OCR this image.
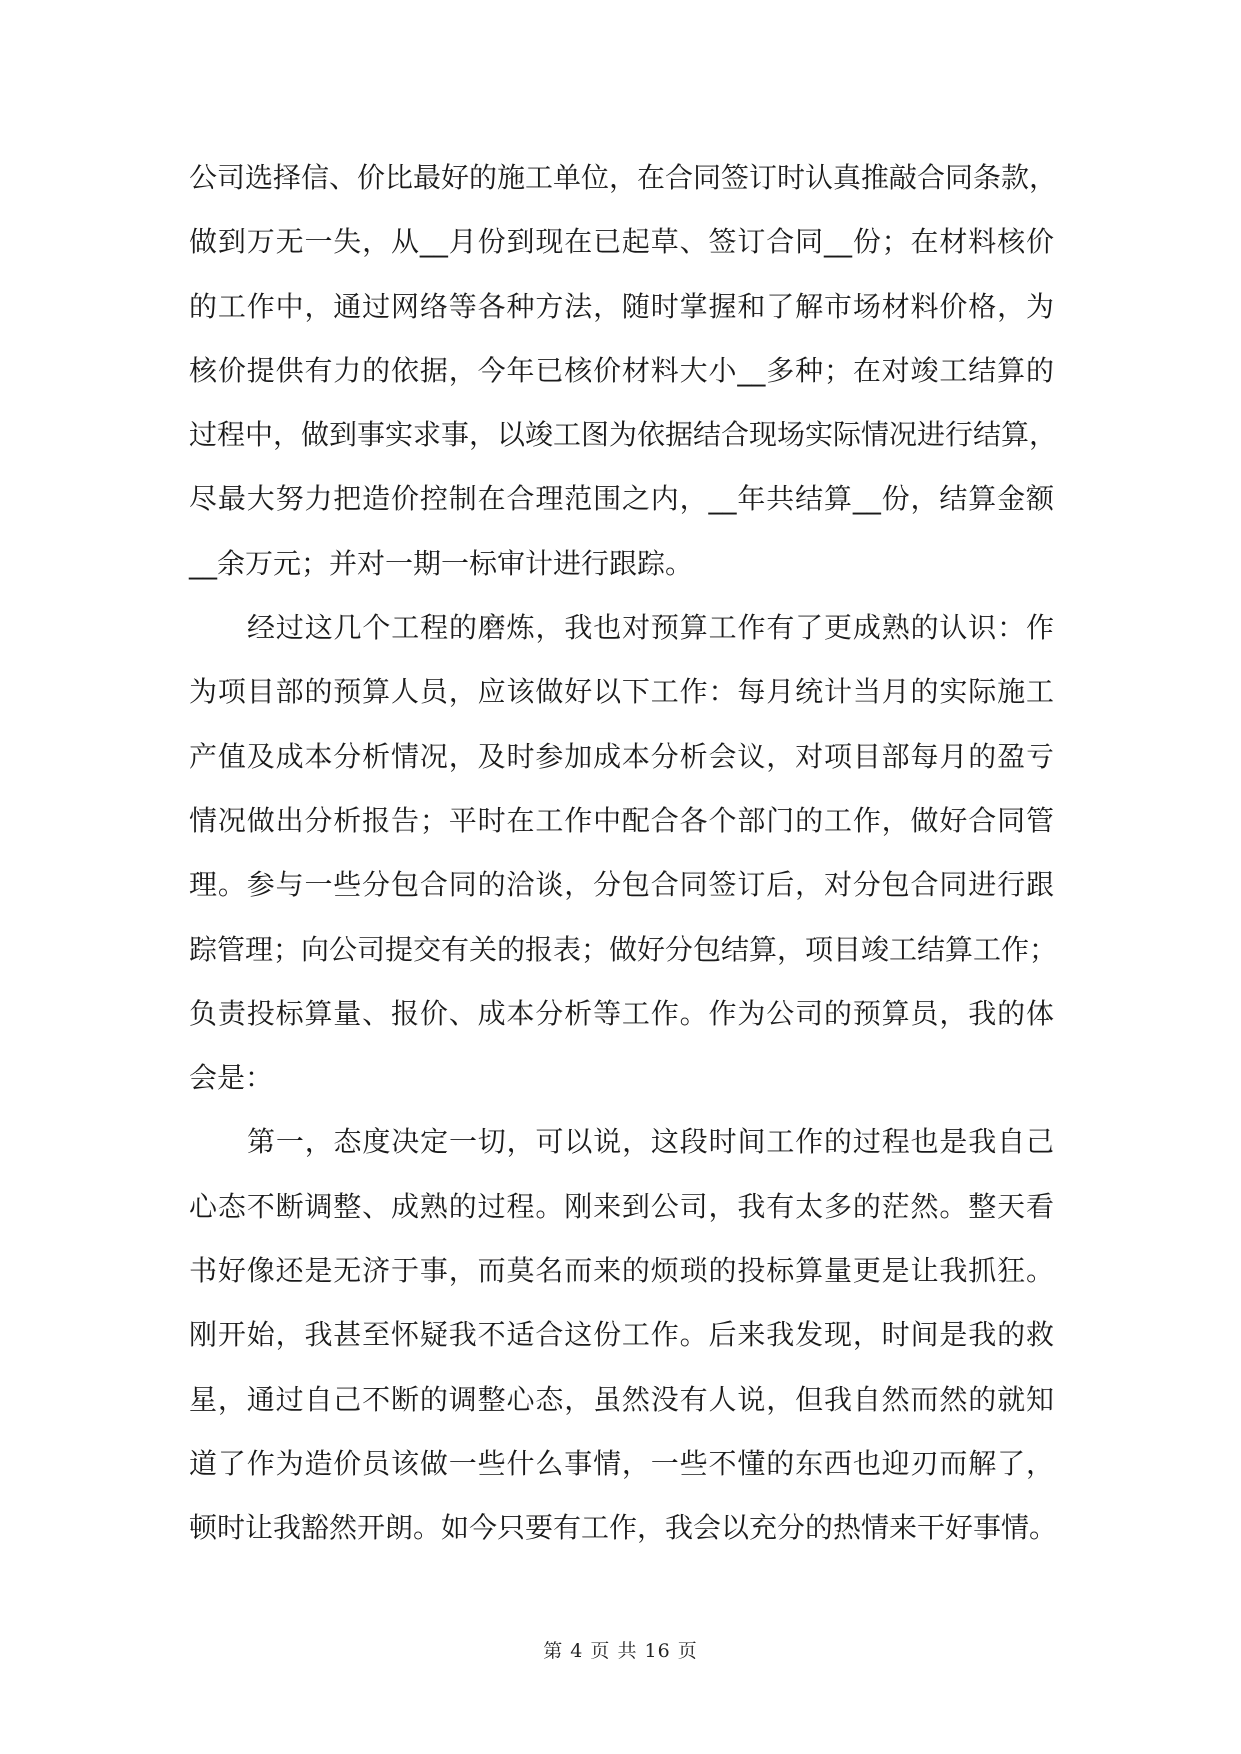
公司选择信、价比最好的施工单位，在合同签订时认真推敲合同条款，
做到万无一失，从__月份到现在已起草、签订合同__份；在材料核价
的工作中，通过网络等各种方法，随时掌握和了解市场材料价格，为
核价提供有力的依据，今年已核价材料大小__多种；在对竣工结算的
过程中，做到事实求事，以竣工图为依据结合现场实际情况进行结算，
尽最大努力把造价控制在合理范围之内，__年共结算__份，结算金额
__余万元；并对一期一标审计进行跟踪。
经过这几个工程的磨炼，我也对预算工作有了更成熟的认识：作
为项目部的预算人员，应该做好以下工作：每月统计当月的实际施工
产值及成本分析情况，及时参加成本分析会议，对项目部每月的盈亏
情况做出分析报告；平时在工作中配合各个部门的工作，做好合同管
理。参与一些分包合同的洽谈，分包合同签订后，对分包合同进行跟
踪管理；向公司提交有关的报表；做好分包结算，项目竣工结算工作；
负责投标算量、报价、成本分析等工作。作为公司的预算员，我的体
会是：
第一，态度决定一切，可以说，这段时间工作的过程也是我自己
心态不断调整、成熟的过程。刚来到公司，我有太多的茫然。整天看
书好像还是无济于事，而莫名而来的烦琐的投标算量更是让我抓狂。
刚开始，我甚至怀疑我不适合这份工作。后来我发现，时间是我的救
星，通过自己不断的调整心态，虽然没有人说，但我自然而然的就知
道了作为造价员该做一些什么事情，一些不懂的东西也迎刃而解了，
顿时让我豁然开朗。如今只要有工作，我会以充分的热情来干好事情。
第 4 页 共 16 页
